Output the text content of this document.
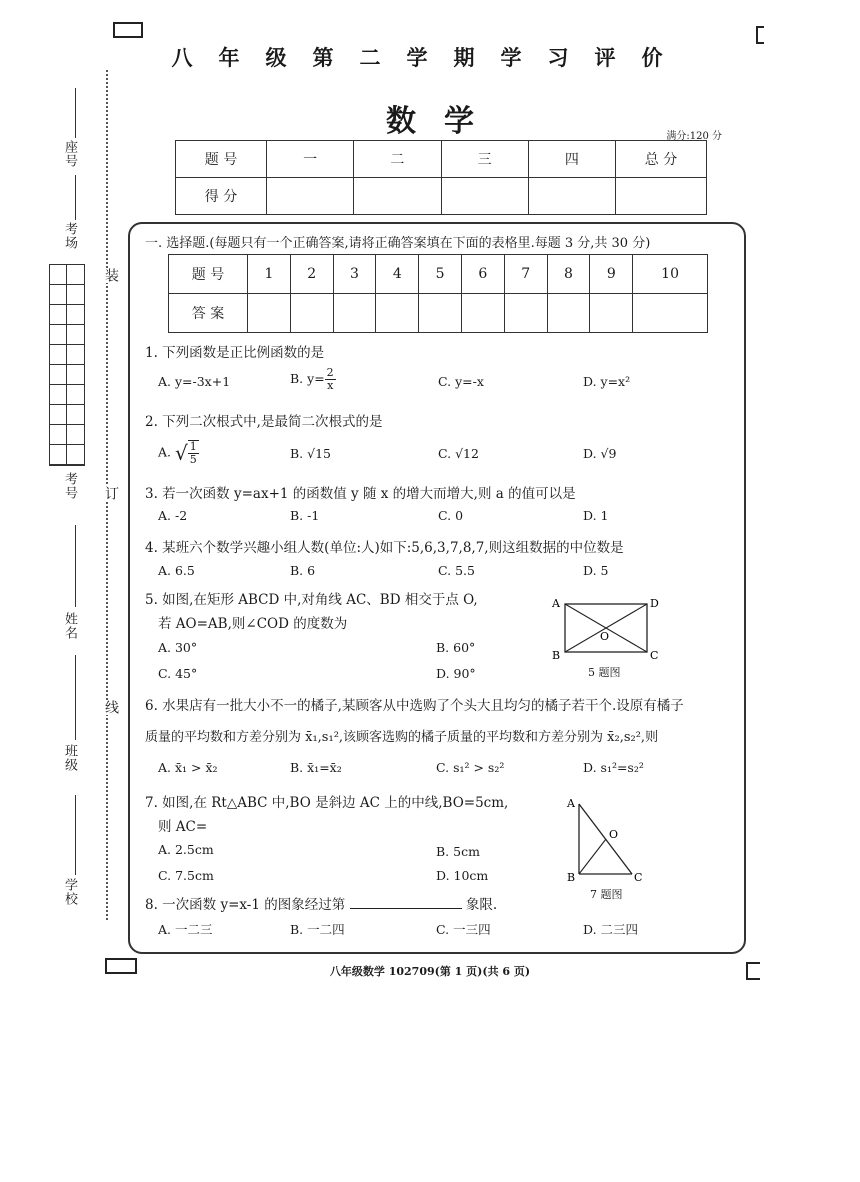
座号
考场
考号
姓名
班级
学校
装
订
线
八年级第二学期学习评价
数学	满分:120 分
题 号	一	二	三	四	总 分
得 分					
一. 选择题.(每题只有一个正确答案,请将正确答案填在下面的表格里.每题 3 分,共 30 分)
题 号	1	2	3	4	5	6	7	8	9	10
答 案										
1. 下列函数是正比例函数的是
A. y=-3x+1	B. $y= \frac{2}{x}$	C. y=-x	D. y=x²
2. 下列二次根式中,是最简二次根式的是
A. √ $\frac{1}{5}$	B. √15	C. √12	D. √9
3. 若一次函数 y=ax+1 的函数值 y 随 x 的增大而增大,则 a 的值可以是
A. -2	B. -1	C. 0	D. 1
4. 某班六个数学兴趣小组人数(单位:人)如下:5,6,3,7,8,7,则这组数据的中位数是
A. 6.5	B. 6	C. 5.5	D. 5
5. 如图,在矩形 ABCD 中,对角线 AC、BD 相交于点 O,
若 AO=AB,则∠COD 的度数为
A. 30°	B. 60°
C. 45°	D. 90°
A	D
O
B	C
5 题图
6. 水果店有一批大小不一的橘子,某顾客从中选购了个头大且均匀的橘子若干个.设原有橘子
质量的平均数和方差分别为 x̄₁,s₁²,该顾客选购的橘子质量的平均数和方差分别为 x̄₂,s₂²,则
A. x̄₁ > x̄₂	B. x̄₁=x̄₂	C. s₁² > s₂²	D. s₁²=s₂²
7. 如图,在 Rt△ABC 中,BO 是斜边 AC 上的中线,BO=5cm,
则 AC=
A. 2.5cm	B. 5cm
C. 7.5cm	D. 10cm
A
O
B	C
7 题图
8. 一次函数 y=x-1 的图象经过第	象限.
A. 一二三	B. 一二四	C. 一三四	D. 二三四
八年级数学 102709(第 1 页)(共 6 页)
